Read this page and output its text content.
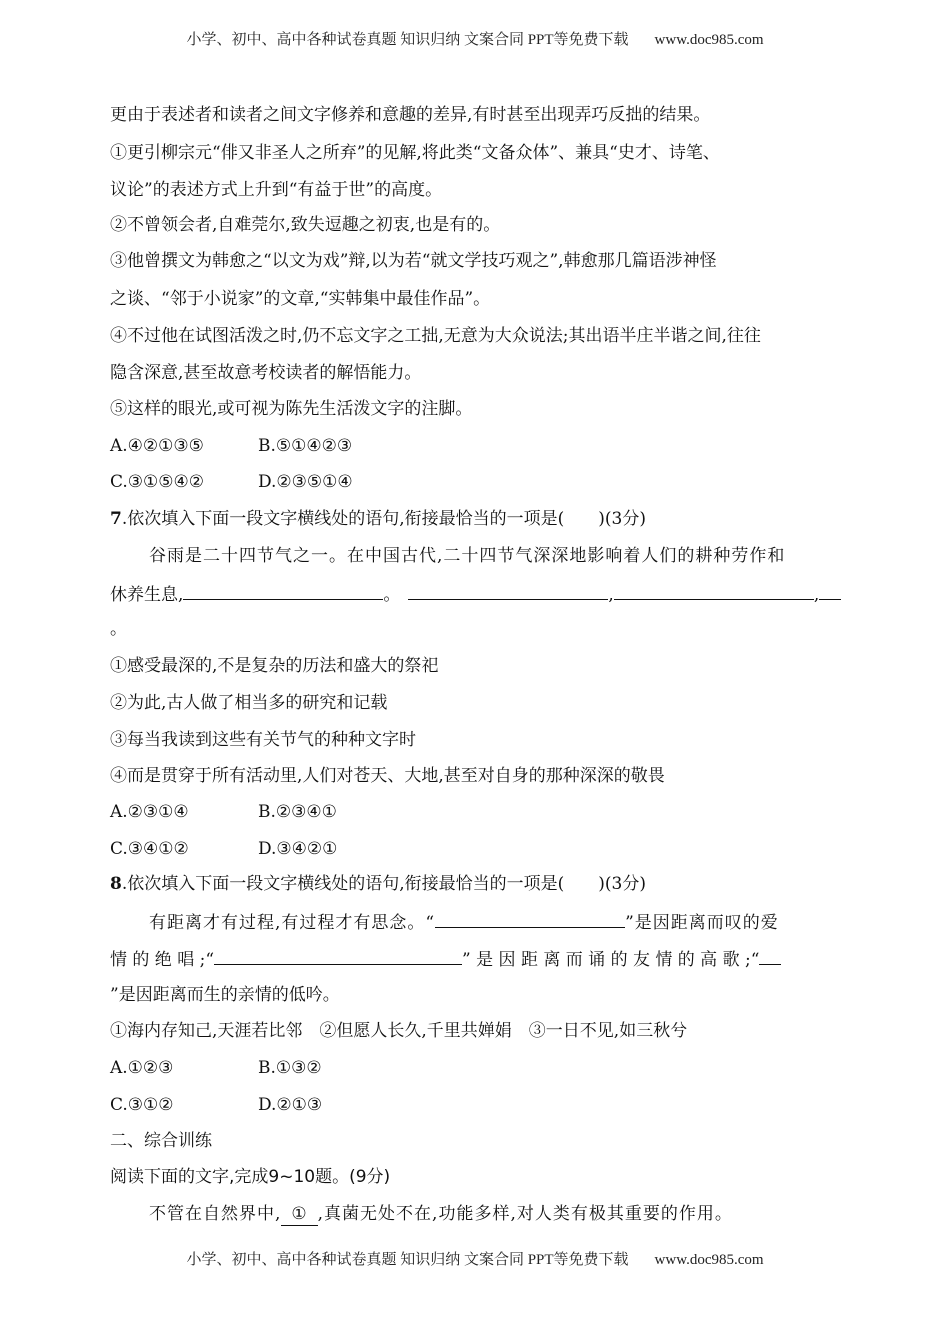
小学、初中、高中各种试卷真题 知识归纳 文案合同 PPT等免费下载 www.doc985.com
更由于表述者和读者之间文字修养和意趣的差异,有时甚至出现弄巧反拙的结果。
①更引柳宗元“俳又非圣人之所弃”的见解,将此类“文备众体”、兼具“史才、诗笔、
议论”的表述方式上升到“有益于世”的高度。
②不曾领会者,自难莞尔,致失逗趣之初衷,也是有的。
③他曾撰文为韩愈之“以文为戏”辩,以为若“就文学技巧观之”,韩愈那几篇语涉神怪
之谈、“邻于小说家”的文章,“实韩集中最佳作品”。
④不过他在试图活泼之时,仍不忘文字之工拙,无意为大众说法;其出语半庄半谐之间,往往
隐含深意,甚至故意考校读者的解悟能力。
⑤这样的眼光,或可视为陈先生活泼文字的注脚。
A.④②①③⑤	B.⑤①④②③
C.③①⑤④②	D.②③⑤①④
7.依次填入下面一段文字横线处的语句,衔接最恰当的一项是(　　)(3分)
谷雨是二十四节气之一。在中国古代,二十四节气深深地影响着人们的耕种劳作和
休养生息,	。	,	,
。
①感受最深的,不是复杂的历法和盛大的祭祀
②为此,古人做了相当多的研究和记载
③每当我读到这些有关节气的种种文字时
④而是贯穿于所有活动里,人们对苍天、大地,甚至对自身的那种深深的敬畏
A.②③①④	B.②③④①
C.③④①②	D.③④②①
8.依次填入下面一段文字横线处的语句,衔接最恰当的一项是(　　)(3分)
有距离才有过程,有过程才有思念。“	”是因距离而叹的爱
情 的 绝 唱 ;“	” 是 因 距 离 而 诵 的 友 情 的 高 歌 ;“
”是因距离而生的亲情的低吟。
①海内存知己,天涯若比邻　②但愿人长久,千里共婵娟　③一日不见,如三秋兮
A.①②③	B.①③②
C.③①②	D.②①③
二、综合训练
阅读下面的文字,完成9~10题。(9分)
不管在自然界中, ① ,真菌无处不在,功能多样,对人类有极其重要的作用。
小学、初中、高中各种试卷真题 知识归纳 文案合同 PPT等免费下载 www.doc985.com
